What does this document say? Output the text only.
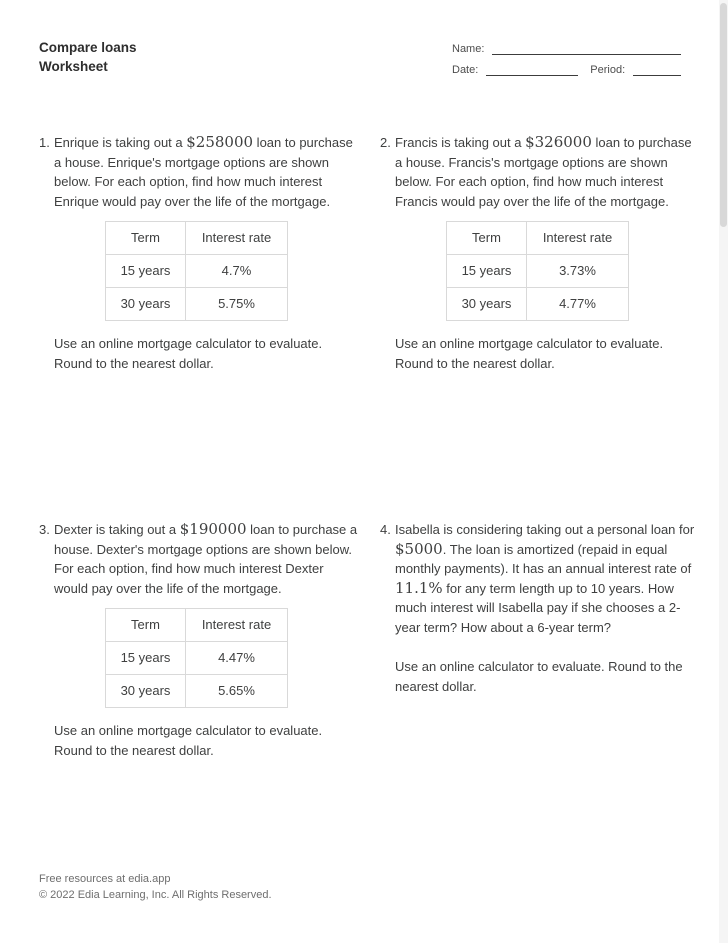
Compare loans
Worksheet
Name:
Date:	Period:
1. Enrique is taking out a $258000 loan to purchase a house. Enrique's mortgage options are shown below. For each option, find how much interest Enrique would pay over the life of the mortgage.
Term	Interest rate
15 years	4.7%
30 years	5.75%
Use an online mortgage calculator to evaluate. Round to the nearest dollar.
2. Francis is taking out a $326000 loan to purchase a house. Francis's mortgage options are shown below. For each option, find how much interest Francis would pay over the life of the mortgage.
Term	Interest rate
15 years	3.73%
30 years	4.77%
Use an online mortgage calculator to evaluate. Round to the nearest dollar.
3. Dexter is taking out a $190000 loan to purchase a house. Dexter's mortgage options are shown below. For each option, find how much interest Dexter would pay over the life of the mortgage.
Term	Interest rate
15 years	4.47%
30 years	5.65%
Use an online mortgage calculator to evaluate. Round to the nearest dollar.
4. Isabella is considering taking out a personal loan for $5000. The loan is amortized (repaid in equal monthly payments). It has an annual interest rate of 11.1% for any term length up to 10 years. How much interest will Isabella pay if she chooses a 2-year term? How about a 6-year term?
Use an online calculator to evaluate. Round to the nearest dollar.
Free resources at edia.app
© 2022 Edia Learning, Inc. All Rights Reserved.
